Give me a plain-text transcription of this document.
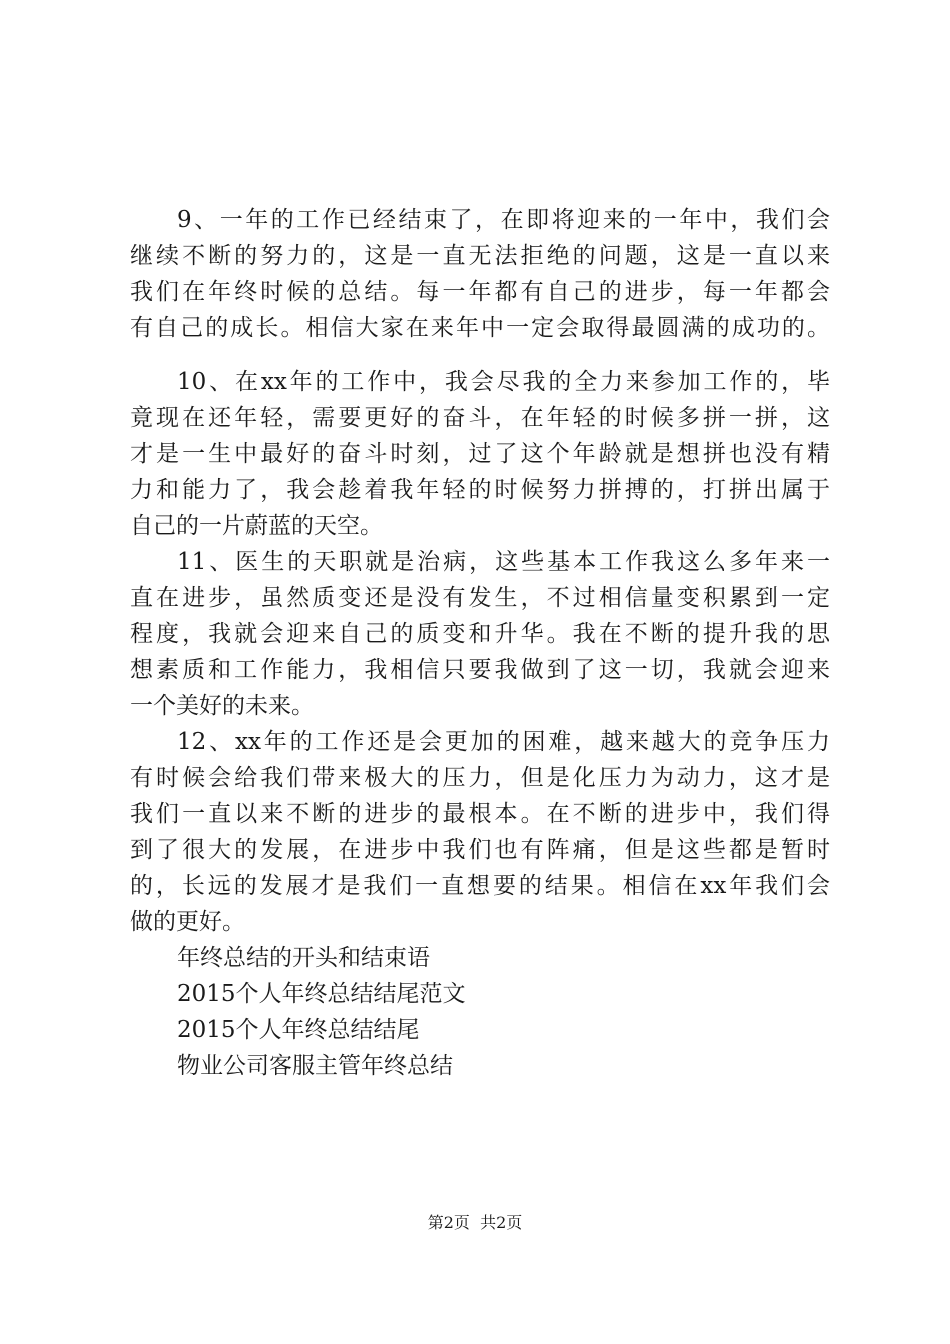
9、一年的工作已经结束了，在即将迎来的一年中，我们会
继续不断的努力的，这是一直无法拒绝的问题，这是一直以来
我们在年终时候的总结。每一年都有自己的进步，每一年都会
有自己的成长。相信大家在来年中一定会取得最圆满的成功的。
10、在xx年的工作中，我会尽我的全力来参加工作的，毕
竟现在还年轻，需要更好的奋斗，在年轻的时候多拼一拼，这
才是一生中最好的奋斗时刻，过了这个年龄就是想拼也没有精
力和能力了，我会趁着我年轻的时候努力拼搏的，打拼出属于
自己的一片蔚蓝的天空。
11、医生的天职就是治病，这些基本工作我这么多年来一
直在进步，虽然质变还是没有发生，不过相信量变积累到一定
程度，我就会迎来自己的质变和升华。我在不断的提升我的思
想素质和工作能力，我相信只要我做到了这一切，我就会迎来
一个美好的未来。
12、xx年的工作还是会更加的困难，越来越大的竞争压力
有时候会给我们带来极大的压力，但是化压力为动力，这才是
我们一直以来不断的进步的最根本。在不断的进步中，我们得
到了很大的发展，在进步中我们也有阵痛，但是这些都是暂时
的，长远的发展才是我们一直想要的结果。相信在xx年我们会
做的更好。
年终总结的开头和结束语
2015个人年终总结结尾范文
2015个人年终总结结尾
物业公司客服主管年终总结
第2页  共2页
